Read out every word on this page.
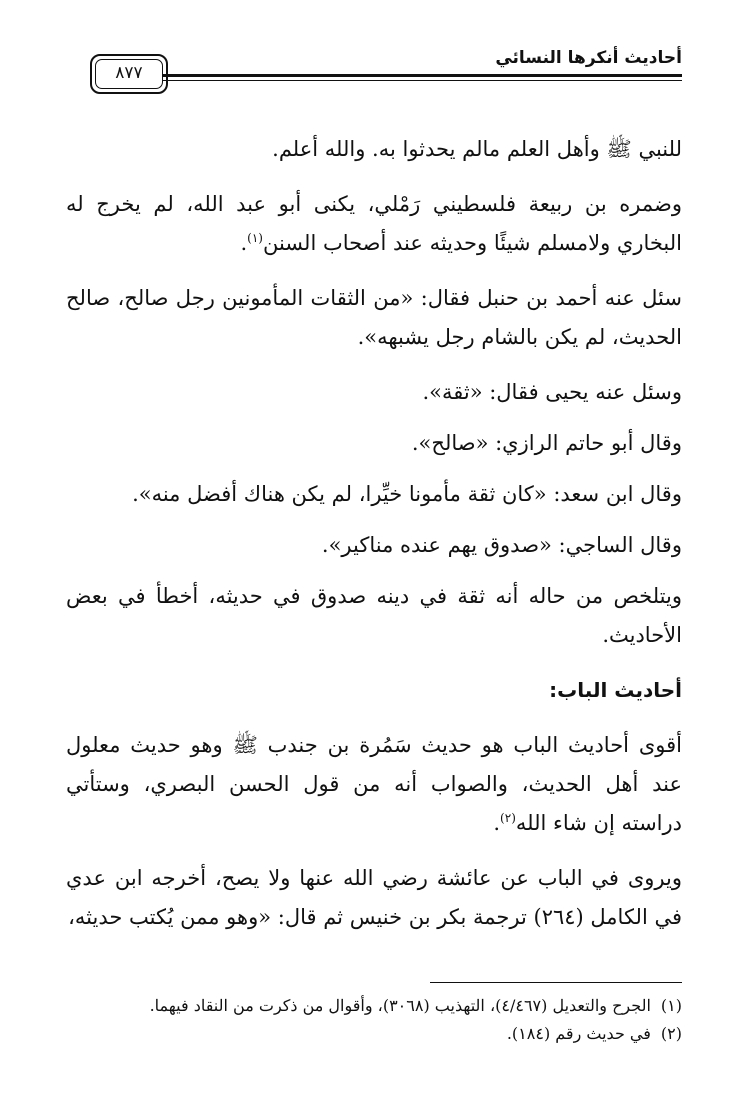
أحاديث أنكرها النسائي
٨٧٧

للنبي ﷺ وأهل العلم مالم يحدثوا به. والله أعلم.

وضمره بن ربيعة فلسطيني رَمْلي، يكنى أبو عبد الله، لم يخرج له البخاري ولامسلم شيئًا وحديثه عند أصحاب السنن$^{(١)}$.

سئل عنه أحمد بن حنبل فقال: «من الثقات المأمونين رجل صالح، صالح الحديث، لم يكن بالشام رجل يشبهه».

وسئل عنه يحيى فقال: «ثقة».

وقال أبو حاتم الرازي: «صالح».

وقال ابن سعد: «كان ثقة مأمونا خيِّرا، لم يكن هناك أفضل منه».

وقال الساجي: «صدوق يهم عنده مناكير».

ويتلخص من حاله أنه ثقة في دينه صدوق في حديثه، أخطأ في بعض الأحاديث.

أحاديث الباب:

أقوى أحاديث الباب هو حديث سَمُرة بن جندب ﷺ وهو حديث معلول عند أهل الحديث، والصواب أنه من قول الحسن البصري، وستأتي دراسته إن شاء الله$^{(٢)}$.

ويروى في الباب عن عائشة رضي الله عنها ولا يصح، أخرجه ابن عدي في الكامل (٢٦٤) ترجمة بكر بن خنيس ثم قال: «وهو ممن يُكتب حديثه،

(١)
الجرح والتعديل (٤/٤٦٧)، التهذيب (٣٠٦٨)، وأقوال من ذكرت من النقاد فيهما.
(٢)
في حديث رقم (١٨٤).
